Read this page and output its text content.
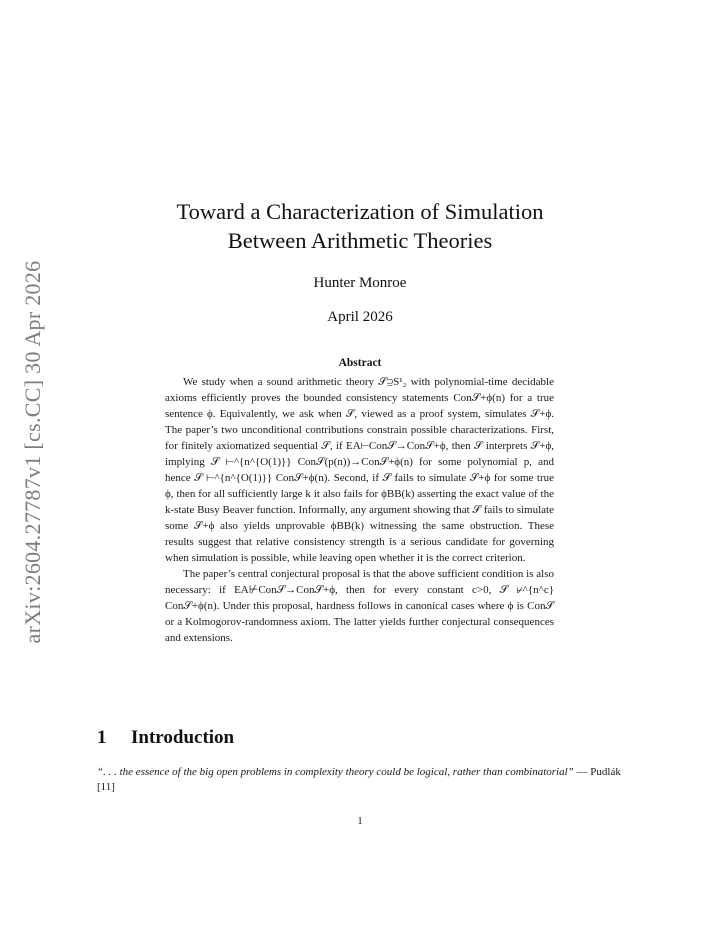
arXiv:2604.27787v1 [cs.CC] 30 Apr 2026
Toward a Characterization of Simulation
Between Arithmetic Theories
Hunter Monroe
April 2026
Abstract

We study when a sound arithmetic theory 𝒮⊇S¹₂ with polynomial-time decidable axioms efficiently proves the bounded consistency statements Con𝒮+ϕ(n) for a true sentence ϕ. Equivalently, we ask when 𝒮, viewed as a proof system, simulates 𝒮+ϕ. The paper’s two unconditional contributions constrain possible characterizations. First, for finitely axiomatized sequential 𝒮, if EA⊢Con𝒮→Con𝒮+ϕ, then 𝒮 interprets 𝒮+ϕ, implying 𝒮 ⊢^{n^{O(1)}} Con𝒮(p(n))→Con𝒮+ϕ(n) for some polynomial p, and hence 𝒮 ⊢^{n^{O(1)}} Con𝒮+ϕ(n). Second, if 𝒮 fails to simulate 𝒮+ϕ for some true ϕ, then for all sufficiently large k it also fails for ϕBB(k) asserting the exact value of the k-state Busy Beaver function. Informally, any argument showing that 𝒮 fails to simulate some 𝒮+ϕ also yields unprovable ϕBB(k) witnessing the same obstruction. These results suggest that relative consistency strength is a serious candidate for governing when simulation is possible, while leaving open whether it is the correct criterion.

The paper’s central conjectural proposal is that the above sufficient condition is also necessary: if EA⊬Con𝒮→Con𝒮+ϕ, then for every constant c>0, 𝒮 ⊬^{n^c} Con𝒮+ϕ(n). Under this proposal, hardness follows in canonical cases where ϕ is Con𝒮 or a Kolmogorov-randomness axiom. The latter yields further conjectural consequences and extensions.

1 Introduction
“. . . the essence of the big open problems in complexity theory could be logical, rather than combinatorial” — Pudlák [11]
1
